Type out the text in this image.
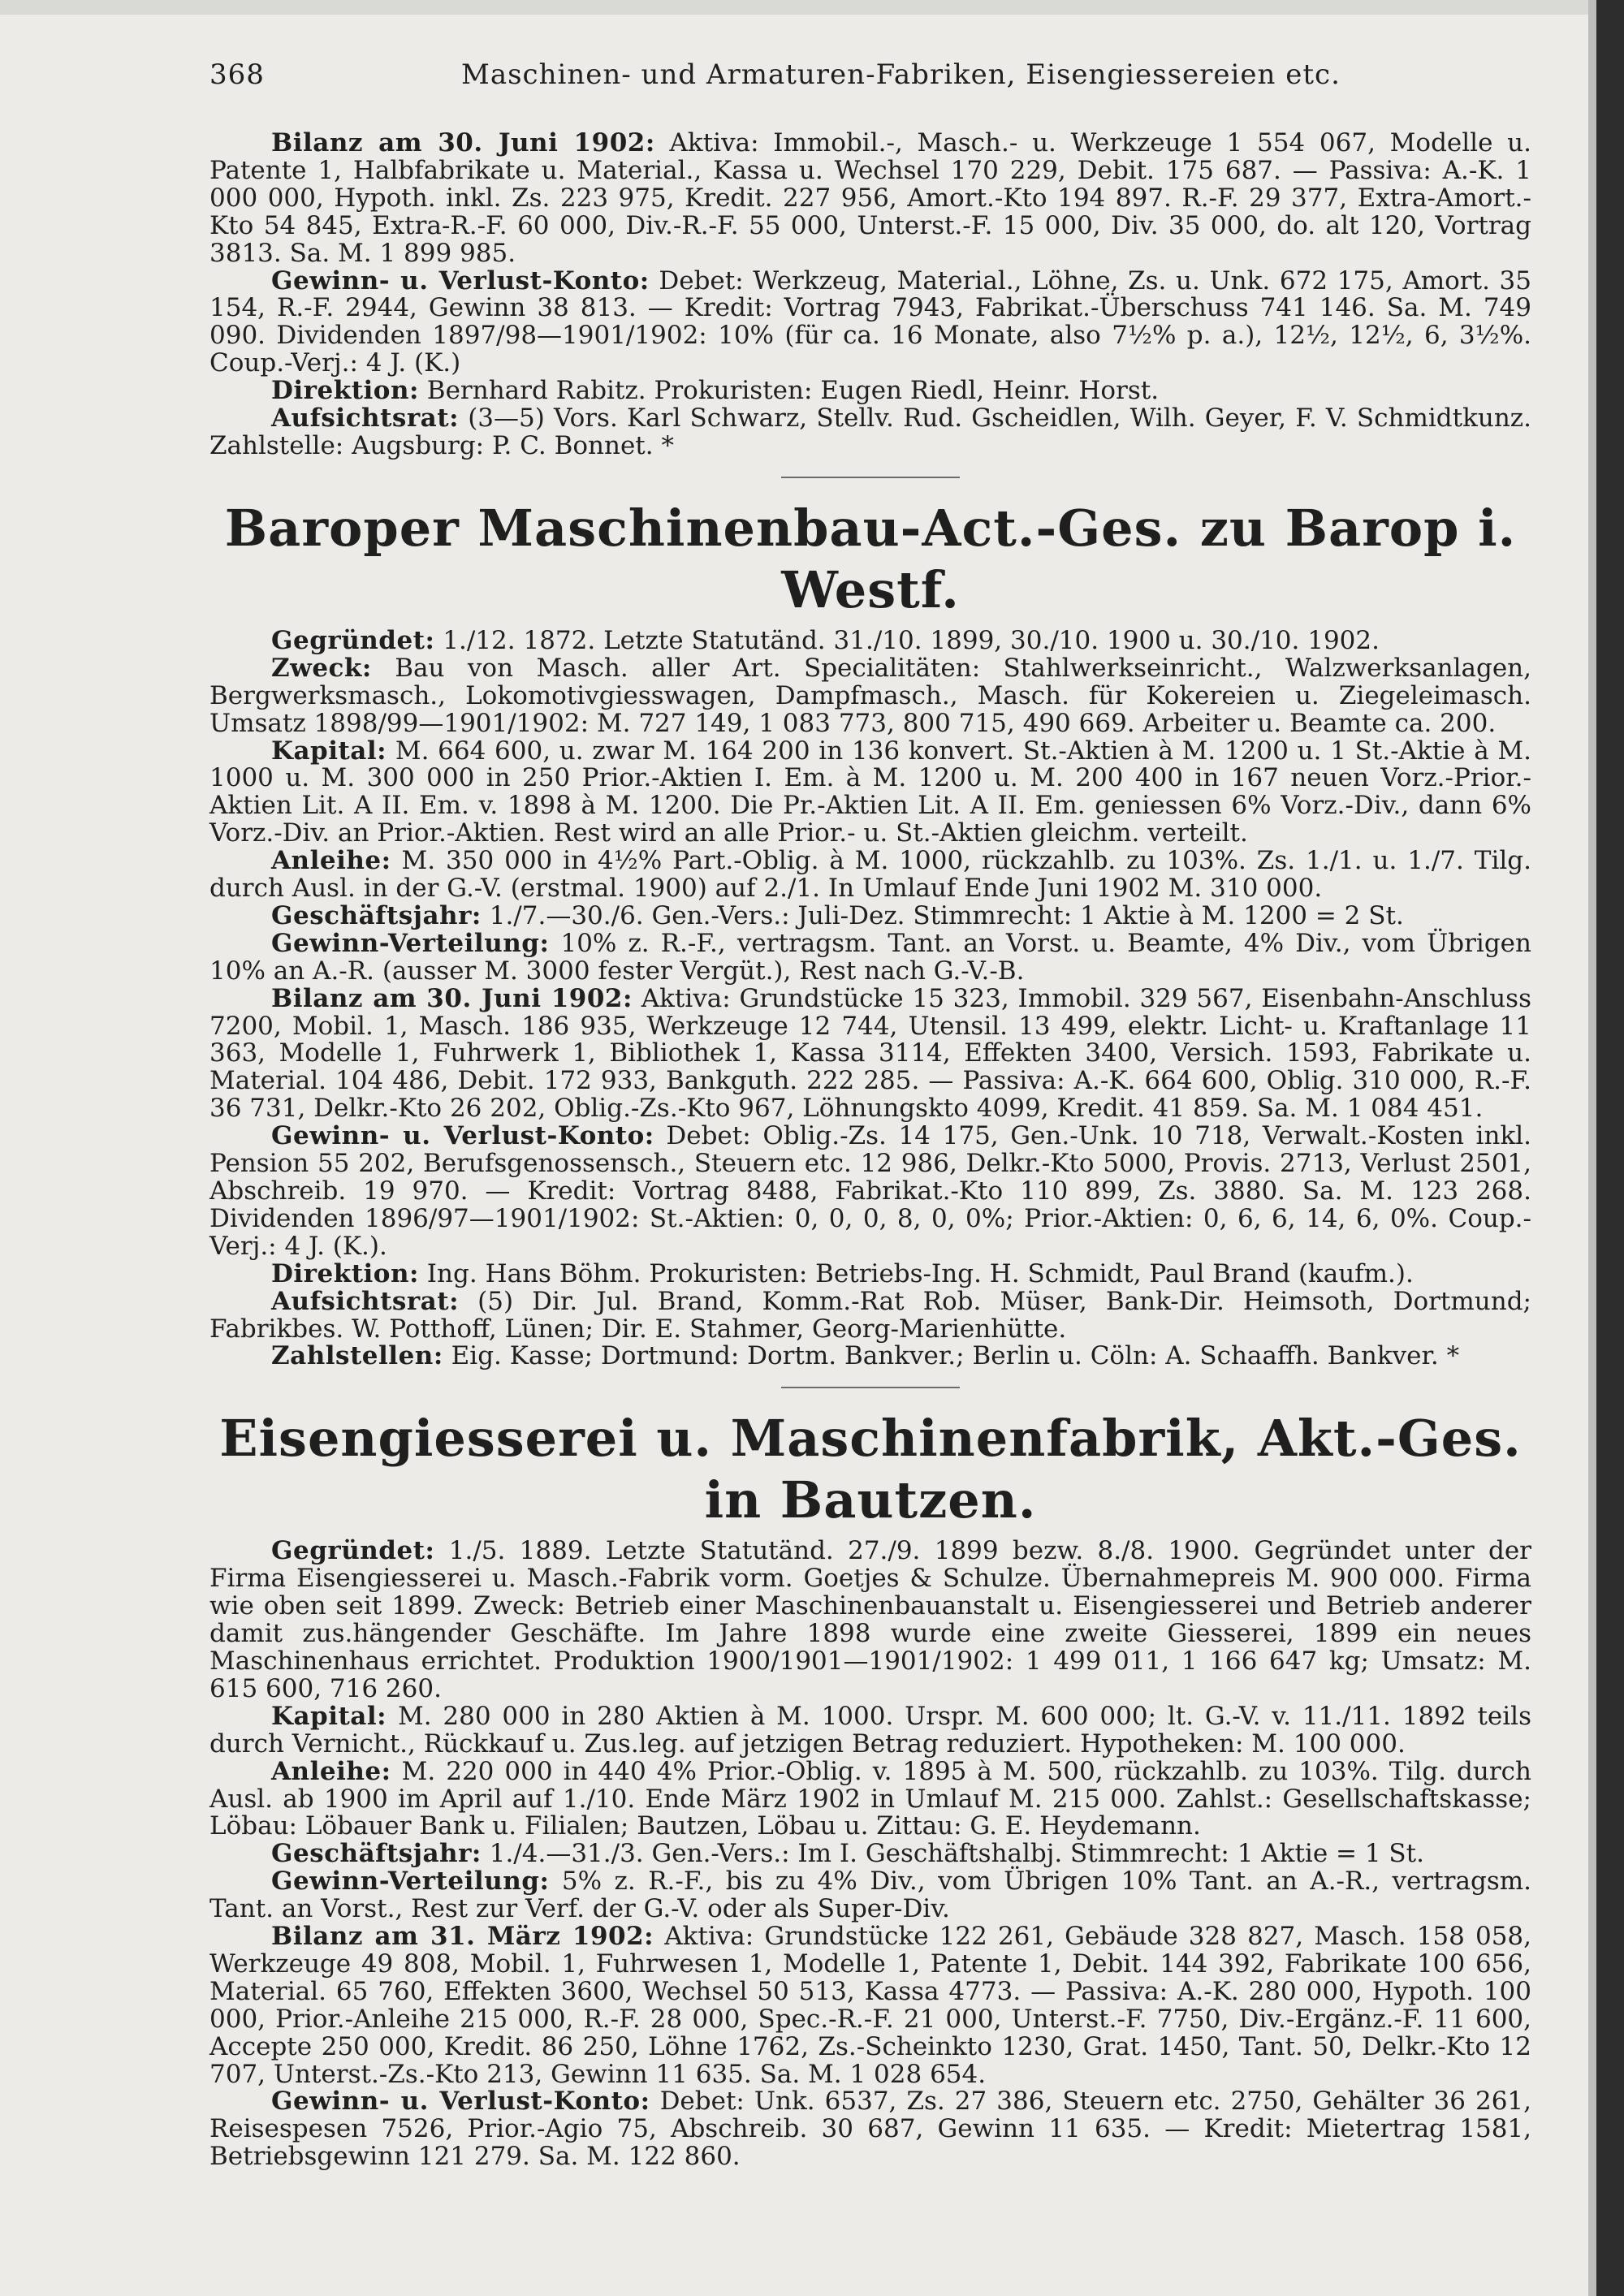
368	Maschinen- und Armaturen-Fabriken, Eisengiessereien etc.

Bilanz am 30. Juni 1902: Aktiva: Immobil.-, Masch.- u. Werkzeuge 1 554 067, Modelle u. Patente 1, Halbfabrikate u. Material., Kassa u. Wechsel 170 229, Debit. 175 687. — Passiva: A.-K. 1 000 000, Hypoth. inkl. Zs. 223 975, Kredit. 227 956, Amort.-Kto 194 897. R.-F. 29 377, Extra-Amort.-Kto 54 845, Extra-R.-F. 60 000, Div.-R.-F. 55 000, Unterst.-F. 15 000, Div. 35 000, do. alt 120, Vortrag 3813. Sa. M. 1 899 985.

Gewinn- u. Verlust-Konto: Debet: Werkzeug, Material., Löhne, Zs. u. Unk. 672 175, Amort. 35 154, R.-F. 2944, Gewinn 38 813. — Kredit: Vortrag 7943, Fabrikat.-Überschuss 741 146. Sa. M. 749 090. Dividenden 1897/98—1901/1902: 10% (für ca. 16 Monate, also 7½% p. a.), 12½, 12½, 6, 3½%. Coup.-Verj.: 4 J. (K.)

Direktion: Bernhard Rabitz. Prokuristen: Eugen Riedl, Heinr. Horst.

Aufsichtsrat: (3—5) Vors. Karl Schwarz, Stellv. Rud. Gscheidlen, Wilh. Geyer, F. V. Schmidtkunz. Zahlstelle: Augsburg: P. C. Bonnet. *

Baroper Maschinenbau-Act.-Ges. zu Barop i. Westf.

Gegründet: 1./12. 1872. Letzte Statutänd. 31./10. 1899, 30./10. 1900 u. 30./10. 1902.

Zweck: Bau von Masch. aller Art. Specialitäten: Stahlwerkseinricht., Walzwerksanlagen, Bergwerksmasch., Lokomotivgiesswagen, Dampfmasch., Masch. für Kokereien u. Ziegeleimasch. Umsatz 1898/99—1901/1902: M. 727 149, 1 083 773, 800 715, 490 669. Arbeiter u. Beamte ca. 200.

Kapital: M. 664 600, u. zwar M. 164 200 in 136 konvert. St.-Aktien à M. 1200 u. 1 St.-Aktie à M. 1000 u. M. 300 000 in 250 Prior.-Aktien I. Em. à M. 1200 u. M. 200 400 in 167 neuen Vorz.-Prior.-Aktien Lit. A II. Em. v. 1898 à M. 1200. Die Pr.-Aktien Lit. A II. Em. geniessen 6% Vorz.-Div., dann 6% Vorz.-Div. an Prior.-Aktien. Rest wird an alle Prior.- u. St.-Aktien gleichm. verteilt.

Anleihe: M. 350 000 in 4½% Part.-Oblig. à M. 1000, rückzahlb. zu 103%. Zs. 1./1. u. 1./7. Tilg. durch Ausl. in der G.-V. (erstmal. 1900) auf 2./1. In Umlauf Ende Juni 1902 M. 310 000.

Geschäftsjahr: 1./7.—30./6. Gen.-Vers.: Juli-Dez. Stimmrecht: 1 Aktie à M. 1200 = 2 St.

Gewinn-Verteilung: 10% z. R.-F., vertragsm. Tant. an Vorst. u. Beamte, 4% Div., vom Übrigen 10% an A.-R. (ausser M. 3000 fester Vergüt.), Rest nach G.-V.-B.

Bilanz am 30. Juni 1902: Aktiva: Grundstücke 15 323, Immobil. 329 567, Eisenbahn-Anschluss 7200, Mobil. 1, Masch. 186 935, Werkzeuge 12 744, Utensil. 13 499, elektr. Licht- u. Kraftanlage 11 363, Modelle 1, Fuhrwerk 1, Bibliothek 1, Kassa 3114, Effekten 3400, Versich. 1593, Fabrikate u. Material. 104 486, Debit. 172 933, Bankguth. 222 285. — Passiva: A.-K. 664 600, Oblig. 310 000, R.-F. 36 731, Delkr.-Kto 26 202, Oblig.-Zs.-Kto 967, Löhnungskto 4099, Kredit. 41 859. Sa. M. 1 084 451.

Gewinn- u. Verlust-Konto: Debet: Oblig.-Zs. 14 175, Gen.-Unk. 10 718, Verwalt.-Kosten inkl. Pension 55 202, Berufsgenossensch., Steuern etc. 12 986, Delkr.-Kto 5000, Provis. 2713, Verlust 2501, Abschreib. 19 970. — Kredit: Vortrag 8488, Fabrikat.-Kto 110 899, Zs. 3880. Sa. M. 123 268. Dividenden 1896/97—1901/1902: St.-Aktien: 0, 0, 0, 8, 0, 0%; Prior.-Aktien: 0, 6, 6, 14, 6, 0%. Coup.-Verj.: 4 J. (K.).

Direktion: Ing. Hans Böhm. Prokuristen: Betriebs-Ing. H. Schmidt, Paul Brand (kaufm.).

Aufsichtsrat: (5) Dir. Jul. Brand, Komm.-Rat Rob. Müser, Bank-Dir. Heimsoth, Dortmund; Fabrikbes. W. Potthoff, Lünen; Dir. E. Stahmer, Georg-Marienhütte.

Zahlstellen: Eig. Kasse; Dortmund: Dortm. Bankver.; Berlin u. Cöln: A. Schaaffh. Bankver. *

Eisengiesserei u. Maschinenfabrik, Akt.-Ges. in Bautzen.

Gegründet: 1./5. 1889. Letzte Statutänd. 27./9. 1899 bezw. 8./8. 1900. Gegründet unter der Firma Eisengiesserei u. Masch.-Fabrik vorm. Goetjes & Schulze. Übernahmepreis M. 900 000. Firma wie oben seit 1899. Zweck: Betrieb einer Maschinenbauanstalt u. Eisengiesserei und Betrieb anderer damit zus.hängender Geschäfte. Im Jahre 1898 wurde eine zweite Giesserei, 1899 ein neues Maschinenhaus errichtet. Produktion 1900/1901—1901/1902: 1 499 011, 1 166 647 kg; Umsatz: M. 615 600, 716 260.

Kapital: M. 280 000 in 280 Aktien à M. 1000. Urspr. M. 600 000; lt. G.-V. v. 11./11. 1892 teils durch Vernicht., Rückkauf u. Zus.leg. auf jetzigen Betrag reduziert. Hypotheken: M. 100 000.

Anleihe: M. 220 000 in 440 4% Prior.-Oblig. v. 1895 à M. 500, rückzahlb. zu 103%. Tilg. durch Ausl. ab 1900 im April auf 1./10. Ende März 1902 in Umlauf M. 215 000. Zahlst.: Gesellschaftskasse; Löbau: Löbauer Bank u. Filialen; Bautzen, Löbau u. Zittau: G. E. Heydemann.

Geschäftsjahr: 1./4.—31./3. Gen.-Vers.: Im I. Geschäftshalbj. Stimmrecht: 1 Aktie = 1 St.

Gewinn-Verteilung: 5% z. R.-F., bis zu 4% Div., vom Übrigen 10% Tant. an A.-R., vertragsm. Tant. an Vorst., Rest zur Verf. der G.-V. oder als Super-Div.

Bilanz am 31. März 1902: Aktiva: Grundstücke 122 261, Gebäude 328 827, Masch. 158 058, Werkzeuge 49 808, Mobil. 1, Fuhrwesen 1, Modelle 1, Patente 1, Debit. 144 392, Fabrikate 100 656, Material. 65 760, Effekten 3600, Wechsel 50 513, Kassa 4773. — Passiva: A.-K. 280 000, Hypoth. 100 000, Prior.-Anleihe 215 000, R.-F. 28 000, Spec.-R.-F. 21 000, Unterst.-F. 7750, Div.-Ergänz.-F. 11 600, Accepte 250 000, Kredit. 86 250, Löhne 1762, Zs.-Scheinkto 1230, Grat. 1450, Tant. 50, Delkr.-Kto 12 707, Unterst.-Zs.-Kto 213, Gewinn 11 635. Sa. M. 1 028 654.

Gewinn- u. Verlust-Konto: Debet: Unk. 6537, Zs. 27 386, Steuern etc. 2750, Gehälter 36 261, Reisespesen 7526, Prior.-Agio 75, Abschreib. 30 687, Gewinn 11 635. — Kredit: Mietertrag 1581, Betriebsgewinn 121 279. Sa. M. 122 860.
